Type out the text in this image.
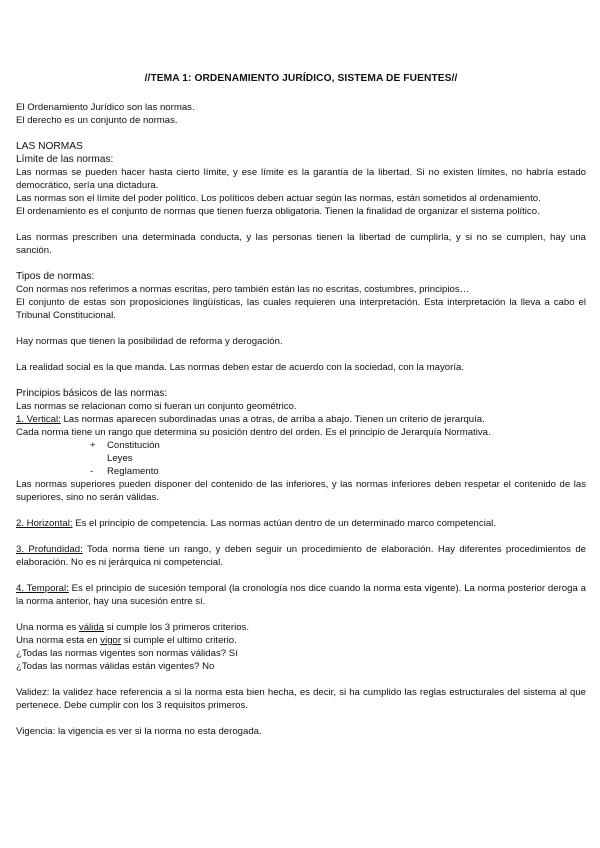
//TEMA 1: ORDENAMIENTO JURÍDICO, SISTEMA DE FUENTES//

El Ordenamiento Jurídico son las normas.

El derecho es un conjunto de normas.

LAS NORMAS

Límite de las normas:

Las normas se pueden hacer hasta cierto límite, y ese límite es la garantía de la libertad. Si no existen límites, no habría estado democrático, sería una dictadura.

Las normas son el límite del poder político. Los políticos deben actuar según las normas, están sometidos al ordenamiento.

El ordenamiento es el conjunto de normas que tienen fuerza obligatoria. Tienen la finalidad de organizar el sistema político.

Las normas prescriben una determinada conducta, y las personas tienen la libertad de cumplirla, y si no se cumplen, hay una sanción.

Tipos de normas:

Con normas nos referimos a normas escritas, pero también están las no escritas, costumbres, principios…

El conjunto de estas son proposiciones lingüísticas, las cuales requieren una interpretación. Esta interpretación la lleva a cabo el Tribunal Constitucional.

Hay normas que tienen la posibilidad de reforma y derogación.

La realidad social es la que manda. Las normas deben estar de acuerdo con la sociedad, con la mayoría.

Principios básicos de las normas:

Las normas se relacionan como si fueran un conjunto geométrico.

1. Vertical: Las normas aparecen subordinadas unas a otras, de arriba a abajo. Tienen un criterio de jerarquía.

Cada norma tiene un rango que determina su posición dentro del orden. Es el principio de Jerarquía Normativa.

+	Constitución
Leyes
-	Reglamento

Las normas superiores pueden disponer del contenido de las inferiores, y las normas inferiores deben respetar el contenido de las superiores, sino no serán válidas.

2. Horizontal: Es el principio de competencia. Las normas actúan dentro de un determinado marco competencial.

3. Profundidad: Toda norma tiene un rango, y deben seguir un procedimiento de elaboración. Hay diferentes procedimientos de elaboración. No es ni jerárquica ni competencial.

4. Temporal: Es el principio de sucesión temporal (la cronología nos dice cuando la norma esta vigente). La norma posterior deroga a la norma anterior, hay una sucesión entre sí.

Una norma es válida si cumple los 3 primeros criterios.

Una norma esta en vigor si cumple el ultimo criterio.

¿Todas las normas vigentes son normas válidas? Sí

¿Todas las normas válidas están vigentes? No

Validez: la validez hace referencia a si la norma esta bien hecha, es decir, si ha cumplido las reglas estructurales del sistema al que pertenece. Debe cumplir con los 3 requisitos primeros.

Vigencia: la vigencia es ver si la norma no esta derogada.
